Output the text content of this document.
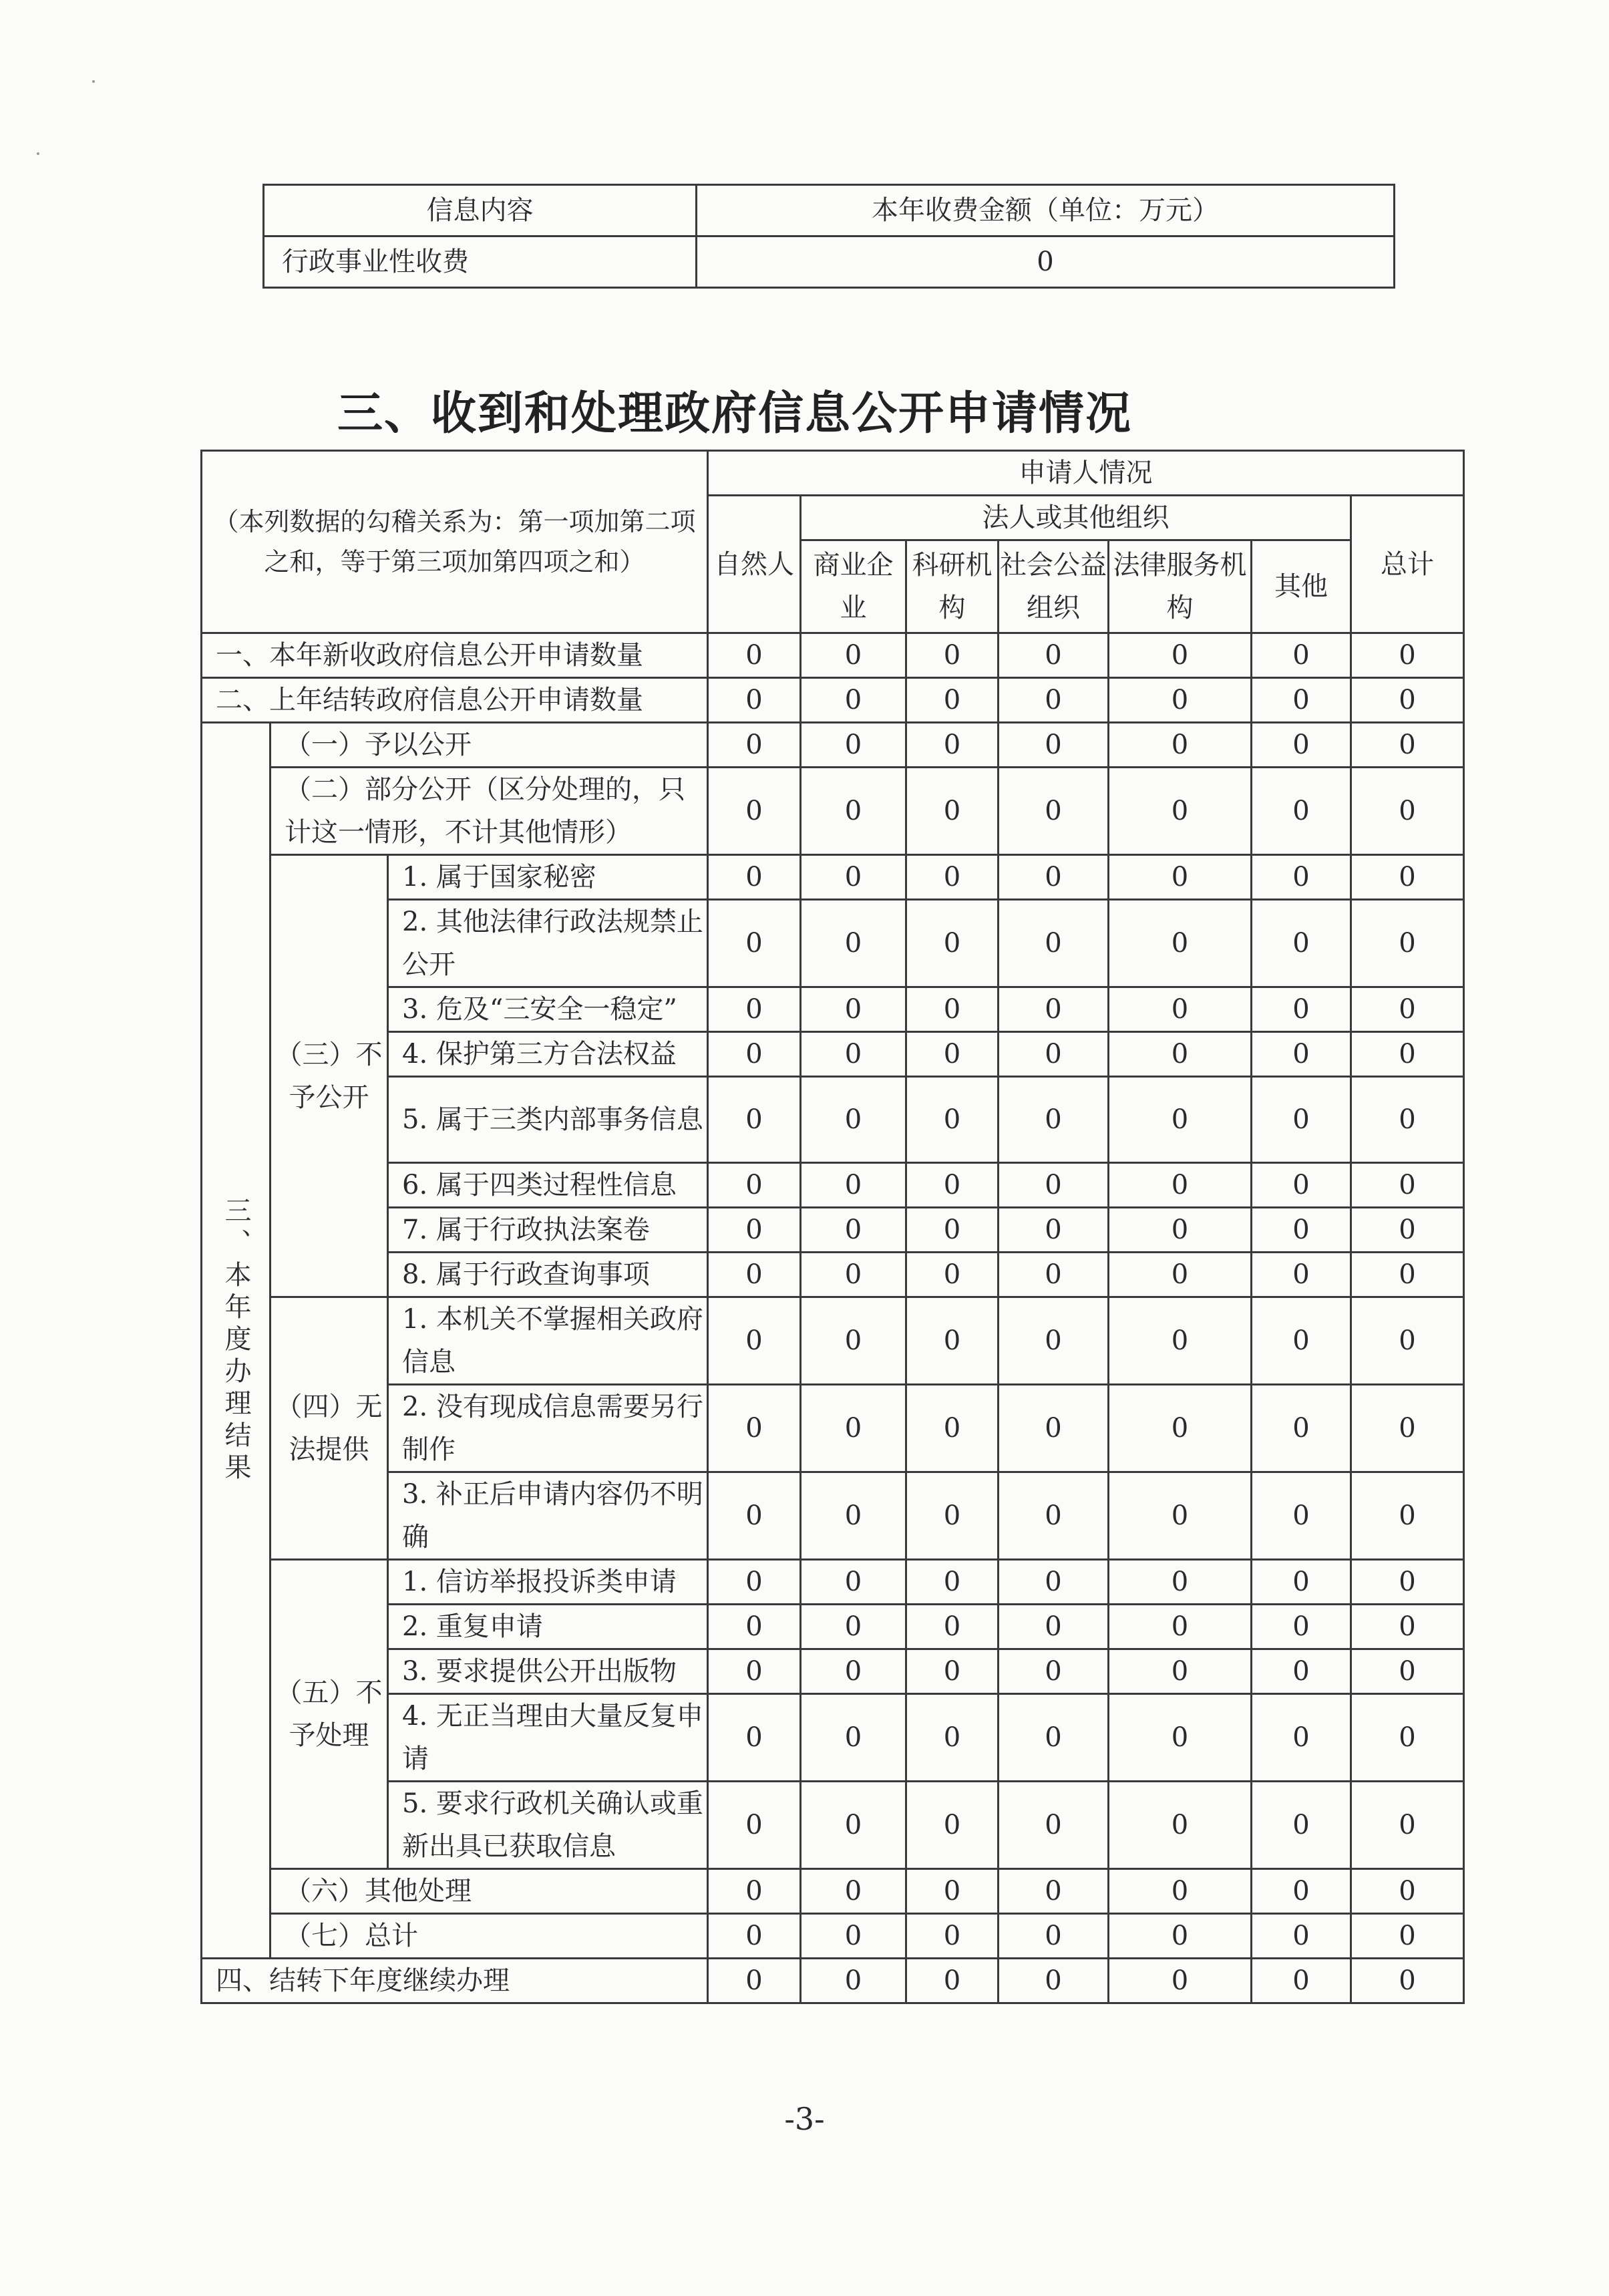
信息内容	本年收费金额（单位：万元）
行政事业性收费	0
三、收到和处理政府信息公开申请情况
（本列数据的勾稽关系为：第一项加第二项之和，等于第三项加第四项之和）			申请人情况						
			自然人	法人或其他组织					总计
				商业企业	科研机构	社会公益组织	法律服务机构	其他	
一、本年新收政府信息公开申请数量			0	0	0	0	0	0	0
二、上年结转政府信息公开申请数量			0	0	0	0	0	0	0
三、本年度办理结果	（一）予以公开		0	0	0	0	0	0	0
	（二）部分公开（区分处理的，只计这一情形，不计其他情形）		0	0	0	0	0	0	0
	（三）不予公开	1. 属于国家秘密	0	0	0	0	0	0	0
		2. 其他法律行政法规禁止公开	0	0	0	0	0	0	0
		3. 危及“三安全一稳定”	0	0	0	0	0	0	0
		4. 保护第三方合法权益	0	0	0	0	0	0	0
		5. 属于三类内部事务信息	0	0	0	0	0	0	0
		6. 属于四类过程性信息	0	0	0	0	0	0	0
		7. 属于行政执法案卷	0	0	0	0	0	0	0
		8. 属于行政查询事项	0	0	0	0	0	0	0
	（四）无法提供	1. 本机关不掌握相关政府信息	0	0	0	0	0	0	0
		2. 没有现成信息需要另行制作	0	0	0	0	0	0	0
		3. 补正后申请内容仍不明确	0	0	0	0	0	0	0
	（五）不予处理	1. 信访举报投诉类申请	0	0	0	0	0	0	0
		2. 重复申请	0	0	0	0	0	0	0
		3. 要求提供公开出版物	0	0	0	0	0	0	0
		4. 无正当理由大量反复申请	0	0	0	0	0	0	0
		5. 要求行政机关确认或重新出具已获取信息	0	0	0	0	0	0	0
	（六）其他处理		0	0	0	0	0	0	0
	（七）总计		0	0	0	0	0	0	0
四、结转下年度继续办理			0	0	0	0	0	0	0
-3-
